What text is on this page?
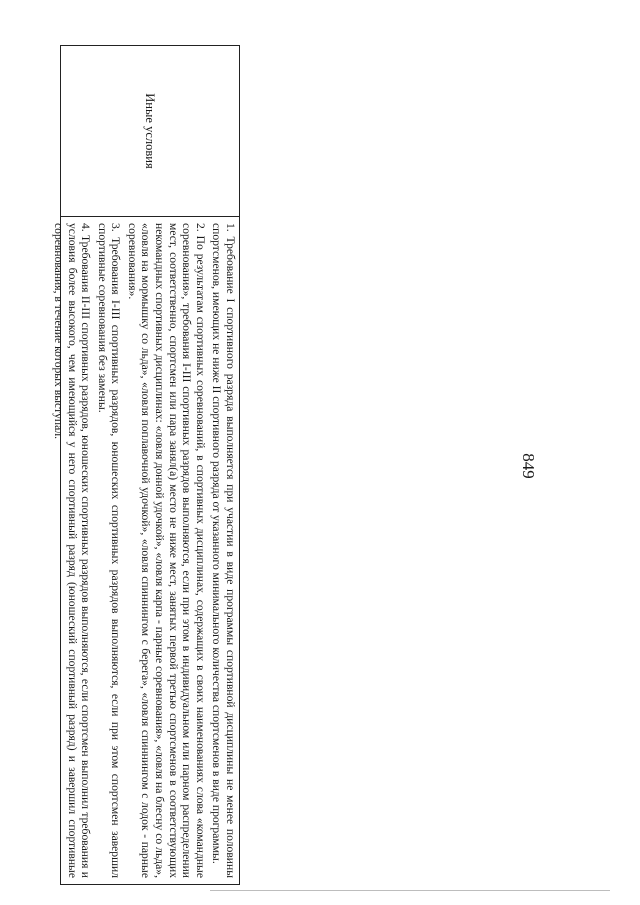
849
Иные условия

1. Требование I спортивного разряда выполняется при участии в виде программы спортивной дисциплины не менее половины спортсменов, имеющих не ниже II спортивного разряда от указанного минимального количества спортсменов в виде программы.

2. По результатам спортивных соревнований, в спортивных дисциплинах, содержащих в своих наименованиях слова «командные соревнования», требования I-III спортивных разрядов выполняются, если при этом в индивидуальном или парном распределении мест, соответственно, спортсмен или пара занял(а) место не ниже мест, занятых первой третью спортсменов в соответствующих некомандных спортивных дисциплинах: «ловля донной удочкой», «ловля карпа - парные соревнования», «ловля на блесну со льда», «ловля на мормышку со льда», «ловля поплавочной удочкой», «ловля спиннингом с берега», «ловля спиннингом с лодок - парные соревнования».

3. Требования I-III спортивных разрядов, юношеских спортивных разрядов выполняются, если при этом спортсмен завершил спортивные соревнования без замены.

4. Требования II-III спортивных разрядов, юношеских спортивных разрядов выполняются, если спортсмен выполнил требования и условия более высокого, чем имеющийся у него спортивный разряд (юношеский спортивный разряд) и завершил спортивные соревнования, в течение которых выступал.
